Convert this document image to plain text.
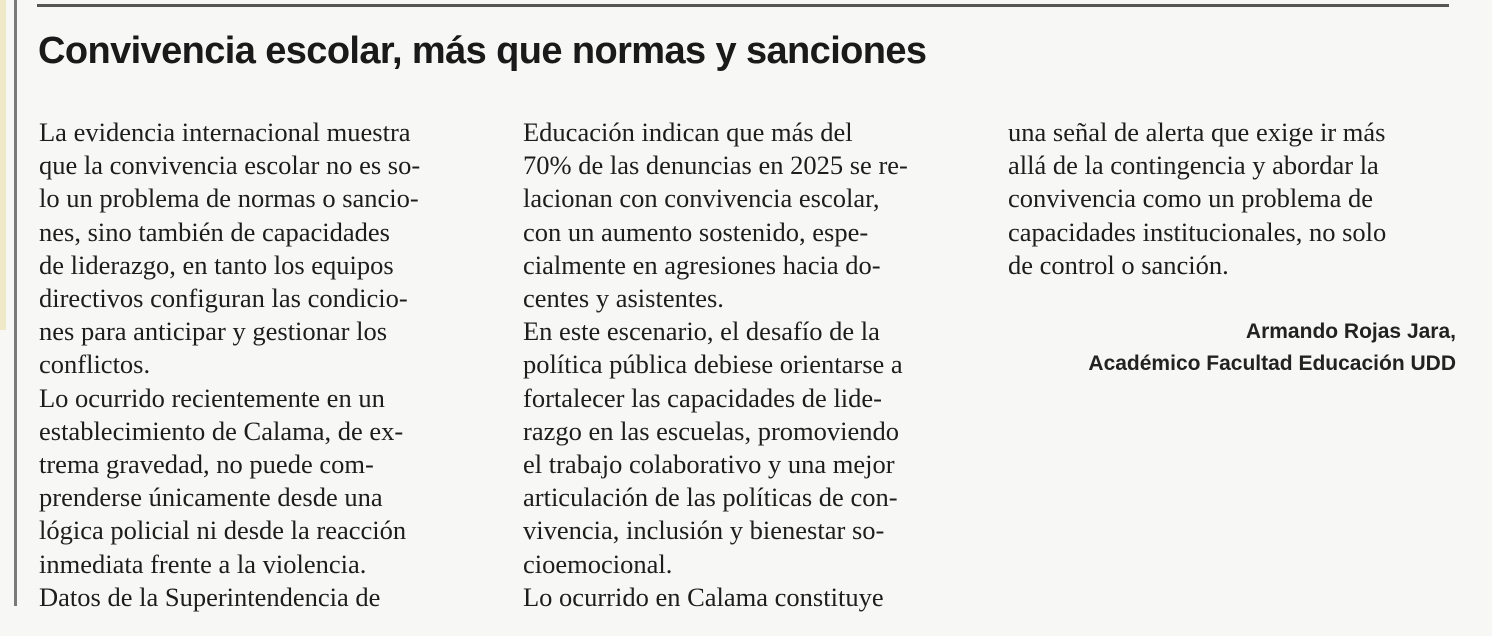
Convivencia escolar, más que normas y sanciones
La evidencia internacional muestra
que la convivencia escolar no es so-
lo un problema de normas o sancio-
nes, sino también de capacidades
de liderazgo, en tanto los equipos
directivos configuran las condicio-
nes para anticipar y gestionar los
conflictos.
Lo ocurrido recientemente en un
establecimiento de Calama, de ex-
trema gravedad, no puede com-
prenderse únicamente desde una
lógica policial ni desde la reacción
inmediata frente a la violencia.
Datos de la Superintendencia de
Educación indican que más del
70% de las denuncias en 2025 se re-
lacionan con convivencia escolar,
con un aumento sostenido, espe-
cialmente en agresiones hacia do-
centes y asistentes.
En este escenario, el desafío de la
política pública debiese orientarse a
fortalecer las capacidades de lide-
razgo en las escuelas, promoviendo
el trabajo colaborativo y una mejor
articulación de las políticas de con-
vivencia, inclusión y bienestar so-
cioemocional.
Lo ocurrido en Calama constituye
una señal de alerta que exige ir más
allá de la contingencia y abordar la
convivencia como un problema de
capacidades institucionales, no solo
de control o sanción.
Armando Rojas Jara,
Académico Facultad Educación UDD
